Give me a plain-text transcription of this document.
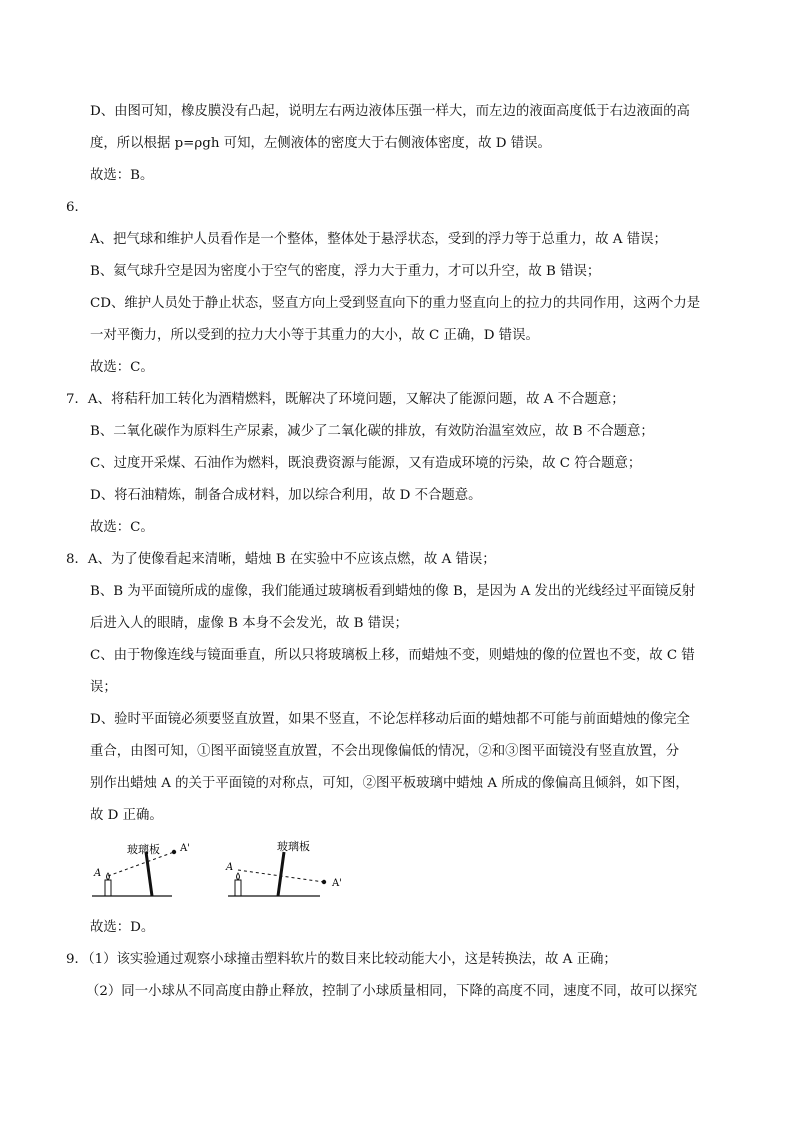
D、由图可知，橡皮膜没有凸起，说明左右两边液体压强一样大，而左边的液面高度低于右边液面的高
度，所以根据 p=ρgh 可知，左侧液体的密度大于右侧液体密度，故 D 错误。
故选：B。
6．
A、把气球和维护人员看作是一个整体，整体处于悬浮状态，受到的浮力等于总重力，故 A 错误；
B、氦气球升空是因为密度小于空气的密度，浮力大于重力，才可以升空，故 B 错误；
CD、维护人员处于静止状态，竖直方向上受到竖直向下的重力竖直向上的拉力的共同作用，这两个力是
一对平衡力，所以受到的拉力大小等于其重力的大小，故 C 正确，D 错误。
故选：C。
7．A、将秸秆加工转化为酒精燃料，既解决了环境问题，又解决了能源问题，故 A 不合题意；
B、二氧化碳作为原料生产尿素，减少了二氧化碳的排放，有效防治温室效应，故 B 不合题意；
C、过度开采煤、石油作为燃料，既浪费资源与能源，又有造成环境的污染，故 C 符合题意；
D、将石油精炼，制备合成材料，加以综合利用，故 D 不合题意。
故选：C。
8．A、为了使像看起来清晰，蜡烛 B 在实验中不应该点燃，故 A 错误；
B、B 为平面镜所成的虚像，我们能通过玻璃板看到蜡烛的像 B，是因为 A 发出的光线经过平面镜反射
后进入人的眼睛，虚像 B 本身不会发光，故 B 错误；
C、由于物像连线与镜面垂直，所以只将玻璃板上移，而蜡烛不变，则蜡烛的像的位置也不变，故 C 错
误；
D、验时平面镜必须要竖直放置，如果不竖直，不论怎样移动后面的蜡烛都不可能与前面蜡烛的像完全
重合，由图可知，①图平面镜竖直放置，不会出现像偏低的情况，②和③图平面镜没有竖直放置，分
别作出蜡烛 A 的关于平面镜的对称点，可知，②图平板玻璃中蜡烛 A 所成的像偏高且倾斜，如下图，
故 D 正确。
玻璃板
A
A'	玻璃板
A
A'
故选：D。
9．（1）该实验通过观察小球撞击塑料软片的数目来比较动能大小，这是转换法，故 A 正确；
（2）同一小球从不同高度由静止释放，控制了小球质量相同，下降的高度不同，速度不同，故可以探究
